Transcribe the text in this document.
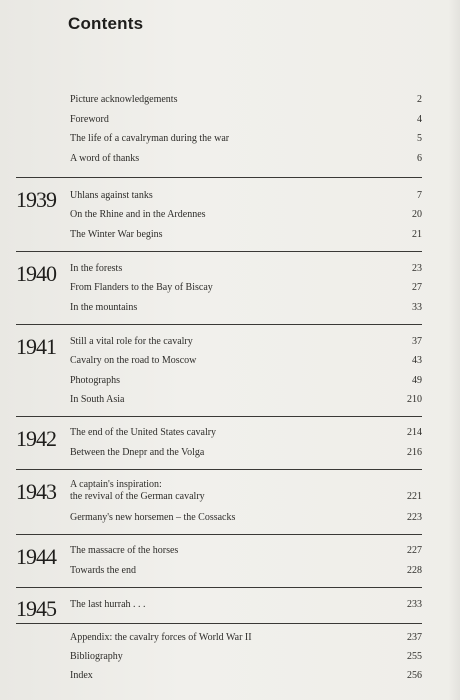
Contents
Picture acknowledgements	2
Foreword	4
The life of a cavalryman during the war	5
A word of thanks	6
1939 Uhlans against tanks	7
On the Rhine and in the Ardennes	20
The Winter War begins	21
1940 In the forests	23
From Flanders to the Bay of Biscay	27
In the mountains	33
1941 Still a vital role for the cavalry	37
Cavalry on the road to Moscow	43
Photographs	49
In South Asia	210
1942 The end of the United States cavalry	214
Between the Dnepr and the Volga	216
1943 A captain's inspiration:
the revival of the German cavalry	221
Germany's new horsemen – the Cossacks	223
1944 The massacre of the horses	227
Towards the end	228
1945 The last hurrah . . .	233
Appendix: the cavalry forces of World War II	237
Bibliography	255
Index	256
